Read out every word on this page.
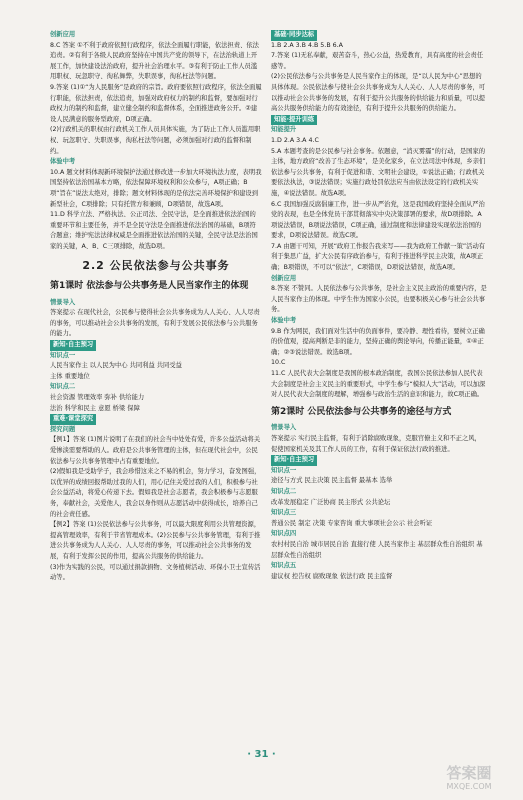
创新应用

8.C 答案 ①不利于政府依照行政程序，依法全面履行职能，依法担责、依法追责。②有利于各级人民政府坚持在中国共产党的领导下，在法治轨道上开展工作，加快建设法治政府，提升社会治理水平。③有利于防止工作人员滥用职权、玩忽职守、徇私舞弊，失职误事，徇私枉法等问题。

9.答案 (1)①“为人民服务”是政府的宗旨。政府要依照行政程序，依法全面履行职能，依法担责，依法追责，加强对政府权力的制约和监督，要加强对行政权力的制约和监督，建立健全制约和监督体系，全面推进政务公开。②建设人民满意的服务型政府，D项正确。

(2)行政机关的职权由行政机关工作人员具体实施，为了防止工作人员滥用职权、玩忽职守、失职误事，徇私枉法等问题，必须加强对行政的监督和制约。

体验中考

10.A 题文材料体现新环境保护法通过修改进一步加大环境执法力度，表明我国坚持依法治国基本方略，依法保障环境权利和公众参与，A项正确；B项“旨在”说法太绝对，排除；题文材料体现的是依法完善环境保护和建设到新型社会，C项排除；只有托管方和兼顾，D项错误，故选A项。

11.D 科学立法、严格执法、公正司法、全民守法，是全面推进依法治国的重要环节和主要任务，并不是全民守法是全面推进依法治国的基础，B项符合题意；维护宪法法律权威是全面推进依法治国的关键，全民守法是法治国家的关键，A、B、C三项排除，故选D项。

2.2 公民依法参与公共事务
第1课时 依法参与公共事务是人民当家作主的体现

情景导入

答案提示 在现代社会，公民参与使得社会公共事务成为人人关心、人人尽责的事务，可以推动社会公共事务的发展，有利于发展公民依法参与公共服务的能力。

新知·自主预习

知识点一

人民当家作主 以人民为中心 共同利益 共同受益

主体 重要地位

知识点二

社会资源 管理效率 弥补 供给能力

法治 科学和民主 意愿 桥梁 保障

重难·课堂探究

探究问题

【例1】答案 (1)图片说明了在我们的社会当中处处有爱，许多公益活动将关爱惨淡需要帮助的人。政府是公共事务管理的主体，但在现代社会中，公民依法参与公共事务管理中占有重要地位。

(2)假如我是受助学子，我会珍惜这来之不易的机会，努力学习，奋发图强，以优异的成绩回报帮助过我的人们，用心记住关爱过我的人们，积极参与社会公益活动，将爱心传递下去。假如我是社会志愿者，我会积极参与志愿服务，奉献社会，关爱他人，我会以身作则从志愿活动中获得成长，培养自己的社会责任感。

【例2】答案 (1)公民依法参与公共事务，可以最大限度利用公共管理资源，提高管理效率，有利于节省管理成本。(2)公民参与公共事务管理，有利于推进公共事务成为人人关心、人人尽责的事务，可以推动社会公共事务的发展，有利于发挥公民的作用，提高公共服务的供给能力。

(3)作为实践的公民，可以通过捐款捐物、文务植树活动、环保小卫士宣传活动等。

基础·同步达标

1.B 2.A 3.B 4.B 5.B 6.A

7.答案 (1)无私奉献，艰苦奋斗，热心公益，热爱教育，具有高度的社会责任感等。

(2)公民依法参与公共事务是人民当家作主的体现，是“以人民为中心”思想的具体体现。公民依法参与使社会公共事务成为人人关心、人人尽责的事务，可以推动社会公共事务的发展，有利于提升公共服务的供给能力和质量，可以提高公共服务供给能力的有效途径，有利于提升公共服务的供给能力。

知能·提升训练

知能提升

1.D 2.A 3.A 4.C

5.A 本题考查的是公民参与社会事务。依题意，“消灭雾霾”的行动，是国家的主体，地方政府“改善了生态环境”，是美化家乡，在立法司法中体现，乡亲们依法参与公共事务，有利于促进和谐、文明社会建设，①说法正确；行政机关要依法执法，③说法错误；实施行政处罚依法应当由依法设定的行政机关实施，④说法错误。故选A项。

6.C 我国加强反腐倡廉工作，进一步从严治党，这是我国政府坚持全面从严治党的表现，也是全体党员干部贯彻落实中央决策部署的要求，故D项排除。A项说法错误，B项说法错误，C项正确，通过制度和法律建设实现依法治国的要求，D项说法错误。故选C项。

7.A 由题干可知，开展“政府工作报告我来写——我为政府工作献一策”活动有利于集思广益，扩大公民有序政治参与，有利于推进科学民主决策，故A项正确；B项错误，不可以“依法”，C项错误，D项说法错误，故选A项。

创新应用

8.答案 不赞同。人民依法参与公共事务，是社会主义民主政治的重要内容，是人民当家作主的体现。中学生作为国家小公民，也要积极关心参与社会公共事务。

体验中考

9.B 作为网民，我们面对生活中的负面事件，要冷静、理性看待，要树立正确的价值观，提高判断是非的能力，坚持正确的舆论导向，传播正能量，①④正确；②③说法错误。故选B项。

10.C

11.C 人民代表大会制度是我国的根本政治制度，我国公民依法参加人民代表大会制度是社会主义民主的重要形式，中学生参与“模拟人大”活动，可以加深对人民代表大会制度的理解，增强参与政治生活的意识和能力，故C项正确。

第2课时 公民依法参与公共事务的途径与方式

情景导入

答案提示 实行民主监督，有利于消除腐败现象，克服官僚主义和不正之风，促使国家机关及其工作人员的工作，有利于保证依法行政的推进。

新知·自主预习

知识点一

途径与方式 民主决策 民主监督 最基本 选举

知识点二

改革发展稳定 广泛协商 民主形式 公共论坛

知识点三

普通公民 制定 决策 专家咨询 重大事项社会公示 社会听证

知识点四

农村村民自治 城市居民自治 直接行使 人民当家作主 基层群众性自治组织 基层群众性自治组织

知识点五

建议权 控告权 腐败现象 依法行政 民主监督

· 31 ·
答案圈
MXQE.COM
